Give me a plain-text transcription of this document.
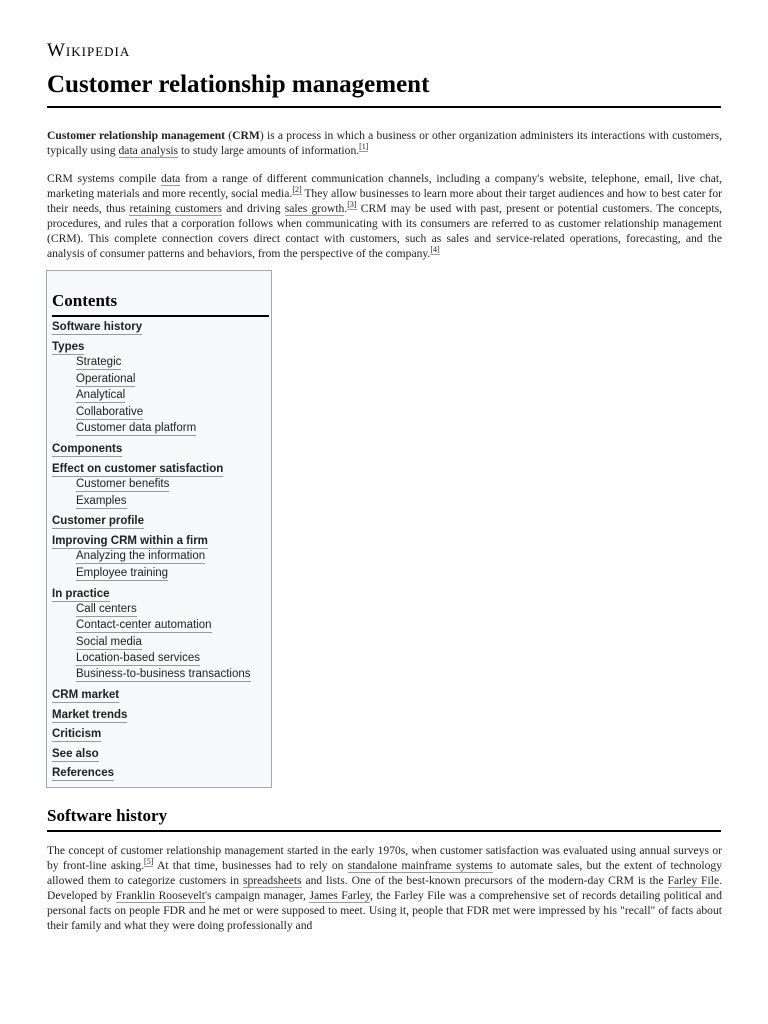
Wikipedia
Customer relationship management

Customer relationship management (CRM) is a process in which a business or other organization administers its interactions with customers, typically using data analysis to study large amounts of information.[1]

CRM systems compile data from a range of different communication channels, including a company's website, telephone, email, live chat, marketing materials and more recently, social media.[2] They allow businesses to learn more about their target audiences and how to best cater for their needs, thus retaining customers and driving sales growth.[3] CRM may be used with past, present or potential customers. The concepts, procedures, and rules that a corporation follows when communicating with its consumers are referred to as customer relationship management (CRM). This complete connection covers direct contact with customers, such as sales and service-related operations, forecasting, and the analysis of consumer patterns and behaviors, from the perspective of the company.[4]

Contents
Software history
Types
Strategic
Operational
Analytical
Collaborative
Customer data platform
Components
Effect on customer satisfaction
Customer benefits
Examples
Customer profile
Improving CRM within a firm
Analyzing the information
Employee training
In practice
Call centers
Contact-center automation
Social media
Location-based services
Business-to-business transactions
CRM market
Market trends
Criticism
See also
References
Software history

The concept of customer relationship management started in the early 1970s, when customer satisfaction was evaluated using annual surveys or by front-line asking.[5] At that time, businesses had to rely on standalone mainframe systems to automate sales, but the extent of technology allowed them to categorize customers in spreadsheets and lists. One of the best-known precursors of the modern-day CRM is the Farley File. Developed by Franklin Roosevelt's campaign manager, James Farley, the Farley File was a comprehensive set of records detailing political and personal facts on people FDR and he met or were supposed to meet. Using it, people that FDR met were impressed by his "recall" of facts about their family and what they were doing professionally and
